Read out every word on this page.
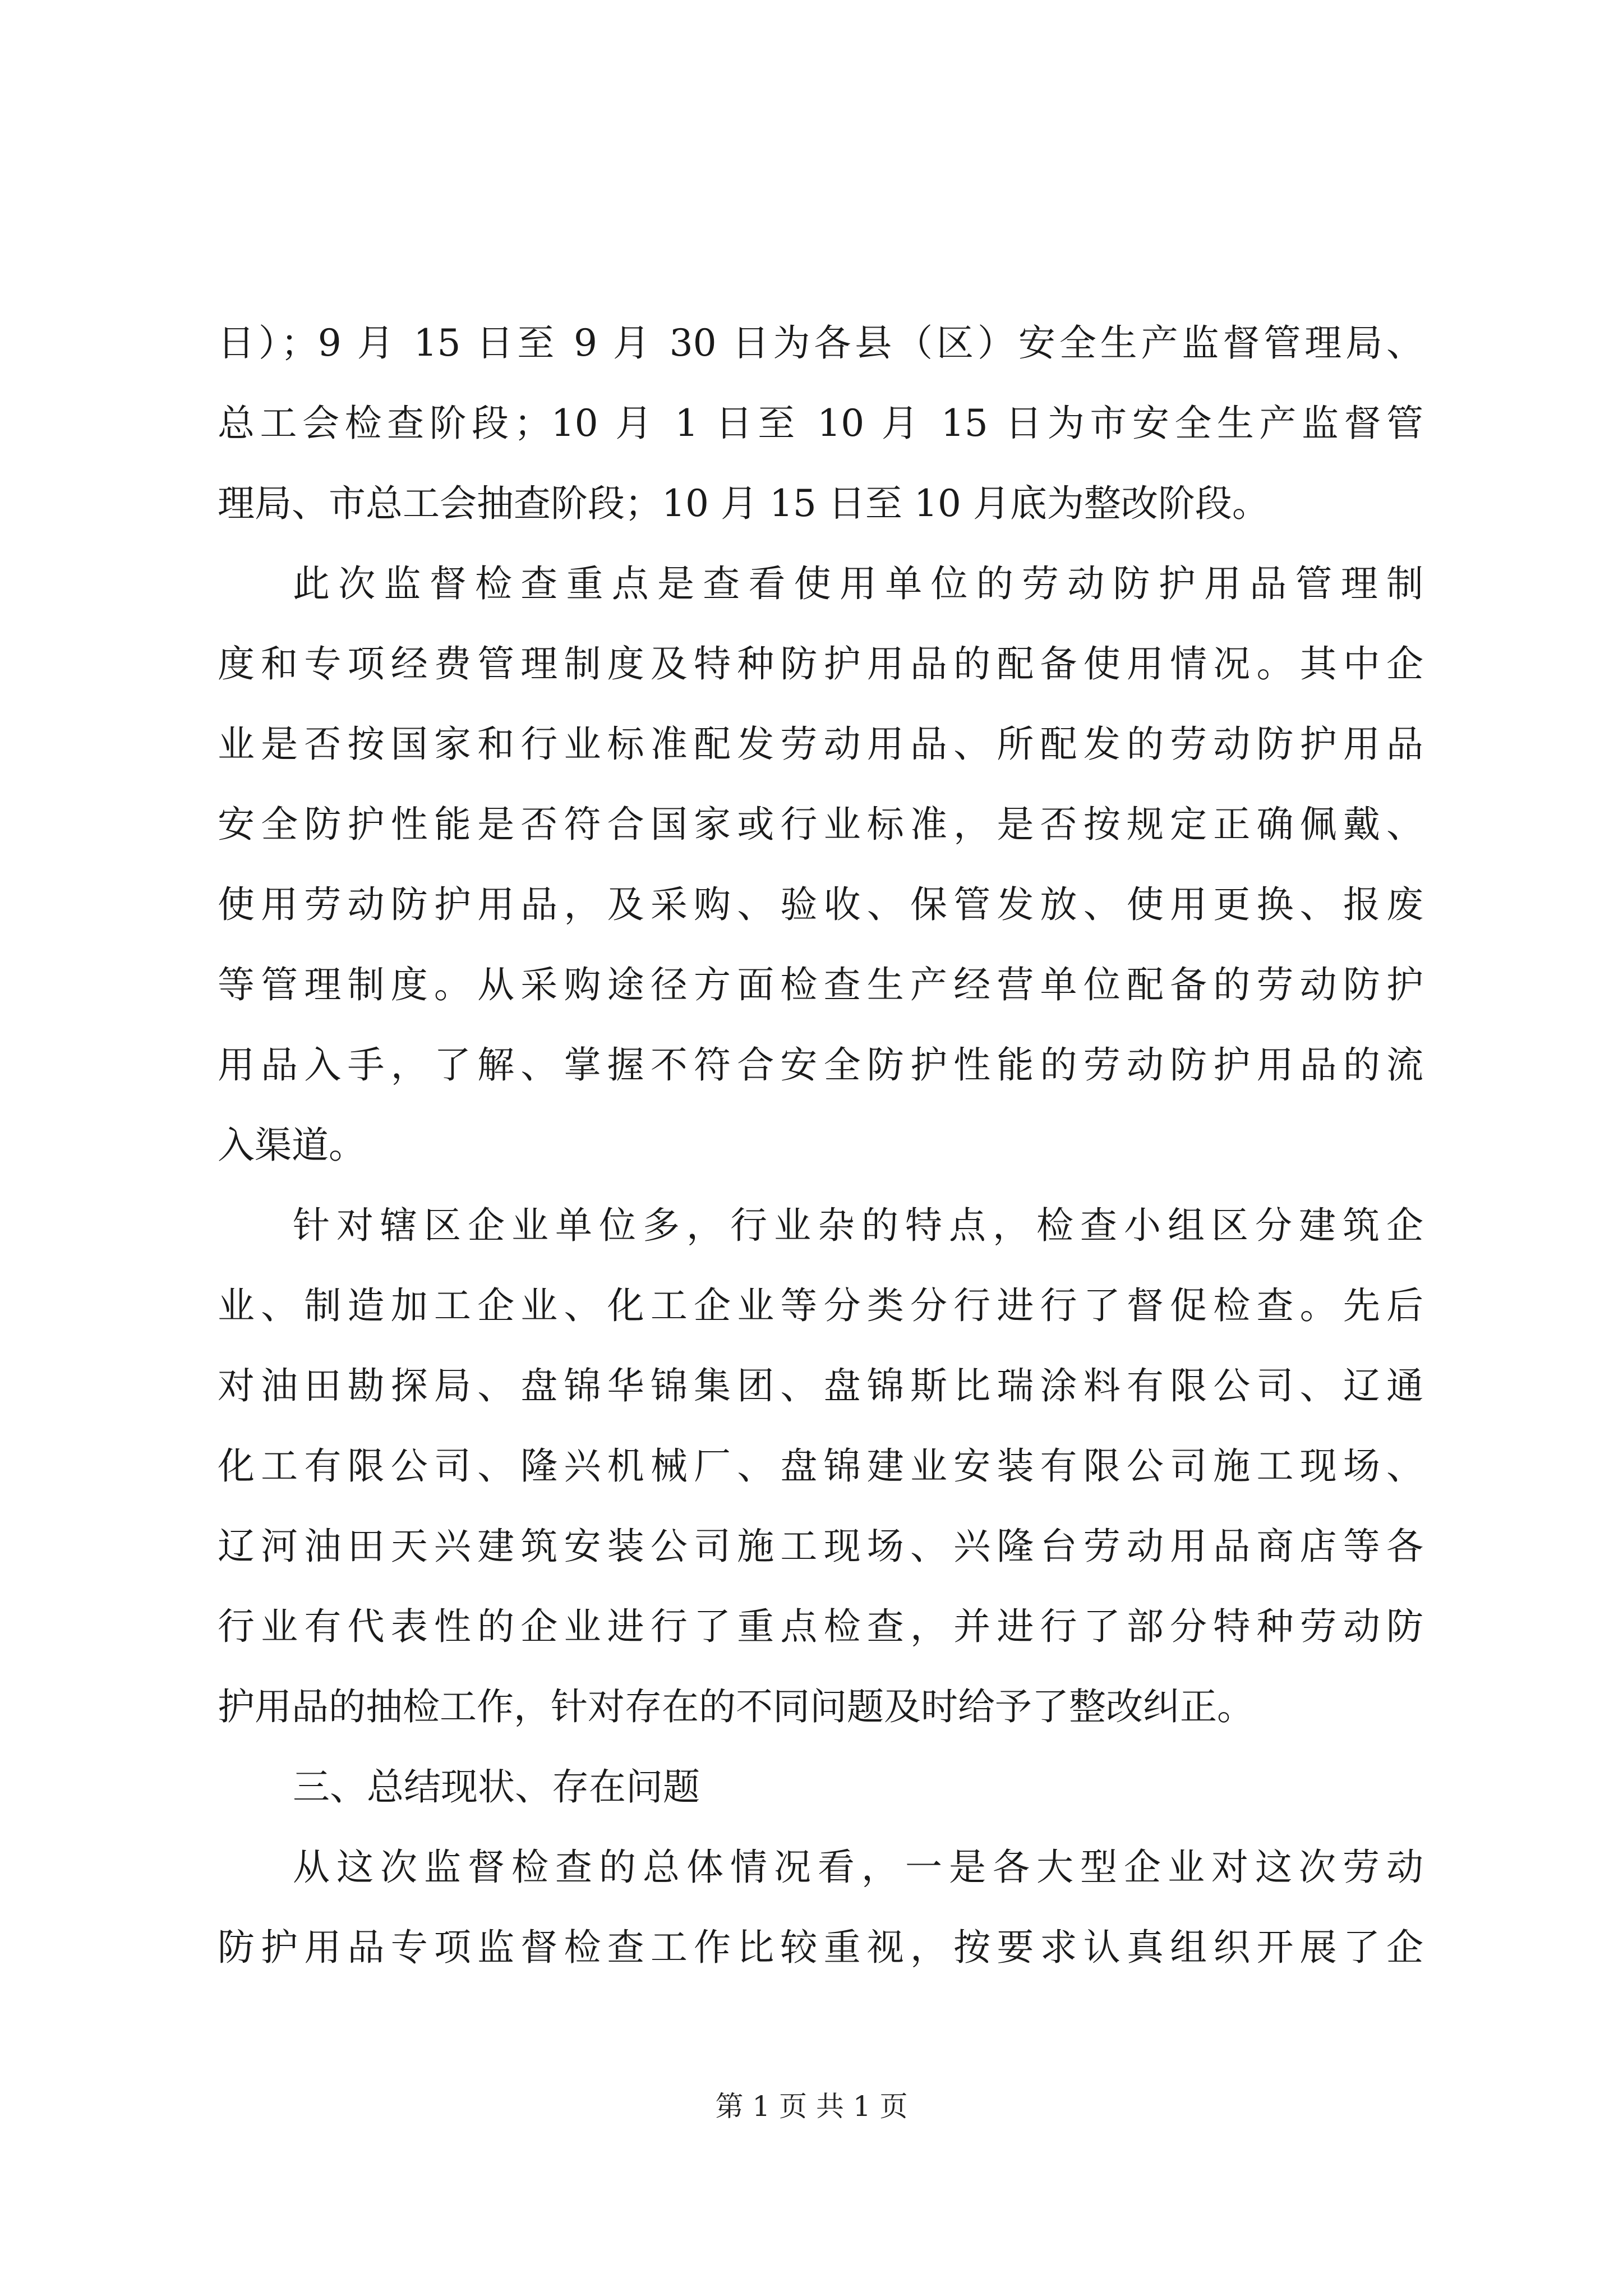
日）；9 月 15 日至 9 月 30 日为各县（区）安全生产监督管理局、
总工会检查阶段；10 月 1 日至 10 月 15 日为市安全生产监督管
理局、市总工会抽查阶段；10 月 15 日至 10 月底为整改阶段。
此次监督检查重点是查看使用单位的劳动防护用品管理制
度和专项经费管理制度及特种防护用品的配备使用情况。其中企
业是否按国家和行业标准配发劳动用品、所配发的劳动防护用品
安全防护性能是否符合国家或行业标准，是否按规定正确佩戴、
使用劳动防护用品，及采购、验收、保管发放、使用更换、报废
等管理制度。从采购途径方面检查生产经营单位配备的劳动防护
用品入手，了解、掌握不符合安全防护性能的劳动防护用品的流
入渠道。
针对辖区企业单位多，行业杂的特点，检查小组区分建筑企
业、制造加工企业、化工企业等分类分行进行了督促检查。先后
对油田勘探局、盘锦华锦集团、盘锦斯比瑞涂料有限公司、辽通
化工有限公司、隆兴机械厂、盘锦建业安装有限公司施工现场、
辽河油田天兴建筑安装公司施工现场、兴隆台劳动用品商店等各
行业有代表性的企业进行了重点检查，并进行了部分特种劳动防
护用品的抽检工作，针对存在的不同问题及时给予了整改纠正。
三、总结现状、存在问题
从这次监督检查的总体情况看，一是各大型企业对这次劳动
防护用品专项监督检查工作比较重视，按要求认真组织开展了企
第 1 页 共 1 页
